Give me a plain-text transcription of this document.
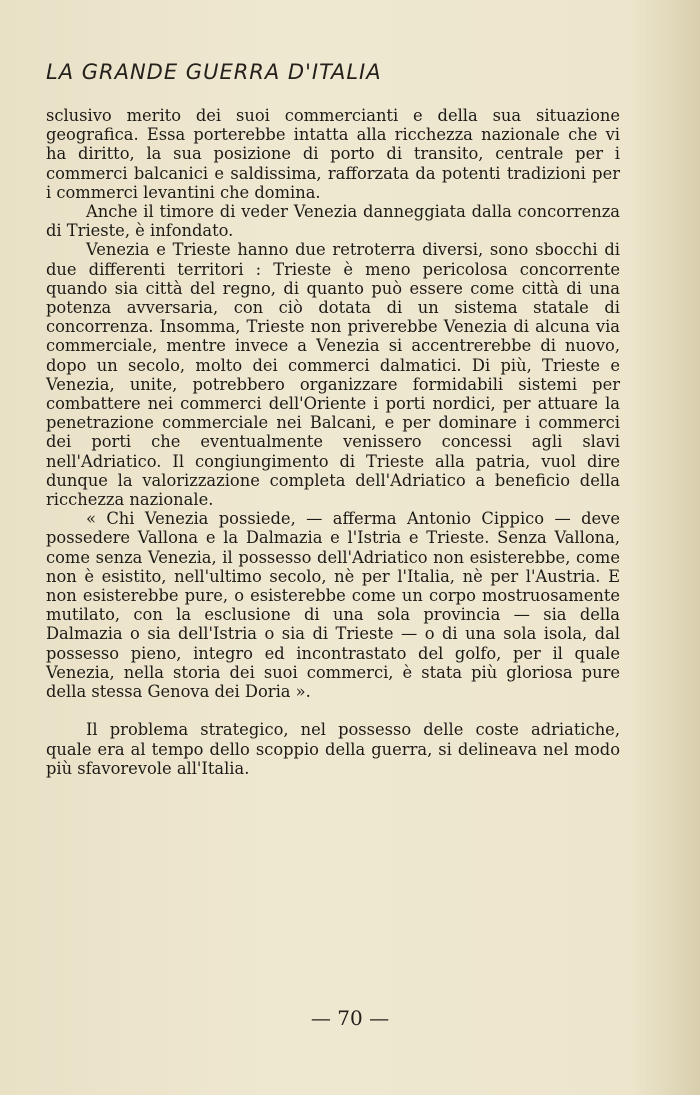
LA GRANDE GUERRA D'ITALIA

sclusivo merito dei suoi commercianti e della sua situazione geografica. Essa porterebbe intatta alla ricchezza nazionale che vi ha diritto, la sua posizione di porto di transito, centrale per i commerci balcanici e saldissima, rafforzata da potenti tradizioni per i commerci levantini che domina.

Anche il timore di veder Venezia danneggiata dalla concorrenza di Trieste, è infondato.

Venezia e Trieste hanno due retroterra diversi, sono sbocchi di due differenti territori : Trieste è meno pericolosa concorrente quando sia città del regno, di quanto può essere come città di una potenza avversaria, con ciò dotata di un sistema statale di concorrenza. Insomma, Trieste non priverebbe Venezia di alcuna via commerciale, mentre invece a Venezia si accentrerebbe di nuovo, dopo un secolo, molto dei commerci dalmatici. Di più, Trieste e Venezia, unite, potrebbero organizzare formidabili sistemi per combattere nei commerci dell'Oriente i porti nordici, per attuare la penetrazione commerciale nei Balcani, e per dominare i commerci dei porti che eventualmente venissero concessi agli slavi nell'Adriatico. Il congiungimento di Trieste alla patria, vuol dire dunque la valorizzazione completa dell'Adriatico a beneficio della ricchezza nazionale.

« Chi Venezia possiede, — afferma Antonio Cippico — deve possedere Vallona e la Dalmazia e l'Istria e Trieste. Senza Vallona, come senza Venezia, il possesso dell'Adriatico non esisterebbe, come non è esistito, nell'ultimo secolo, nè per l'Italia, nè per l'Austria. E non esisterebbe pure, o esisterebbe come un corpo mostruosamente mutilato, con la esclusione di una sola provincia — sia della Dalmazia o sia dell'Istria o sia di Trieste — o di una sola isola, dal possesso pieno, integro ed incontrastato del golfo, per il quale Venezia, nella storia dei suoi commerci, è stata più gloriosa pure della stessa Genova dei Doria ».

Il problema strategico, nel possesso delle coste adriatiche, quale era al tempo dello scoppio della guerra, si delineava nel modo più sfavorevole all'Italia.

— 70 —
